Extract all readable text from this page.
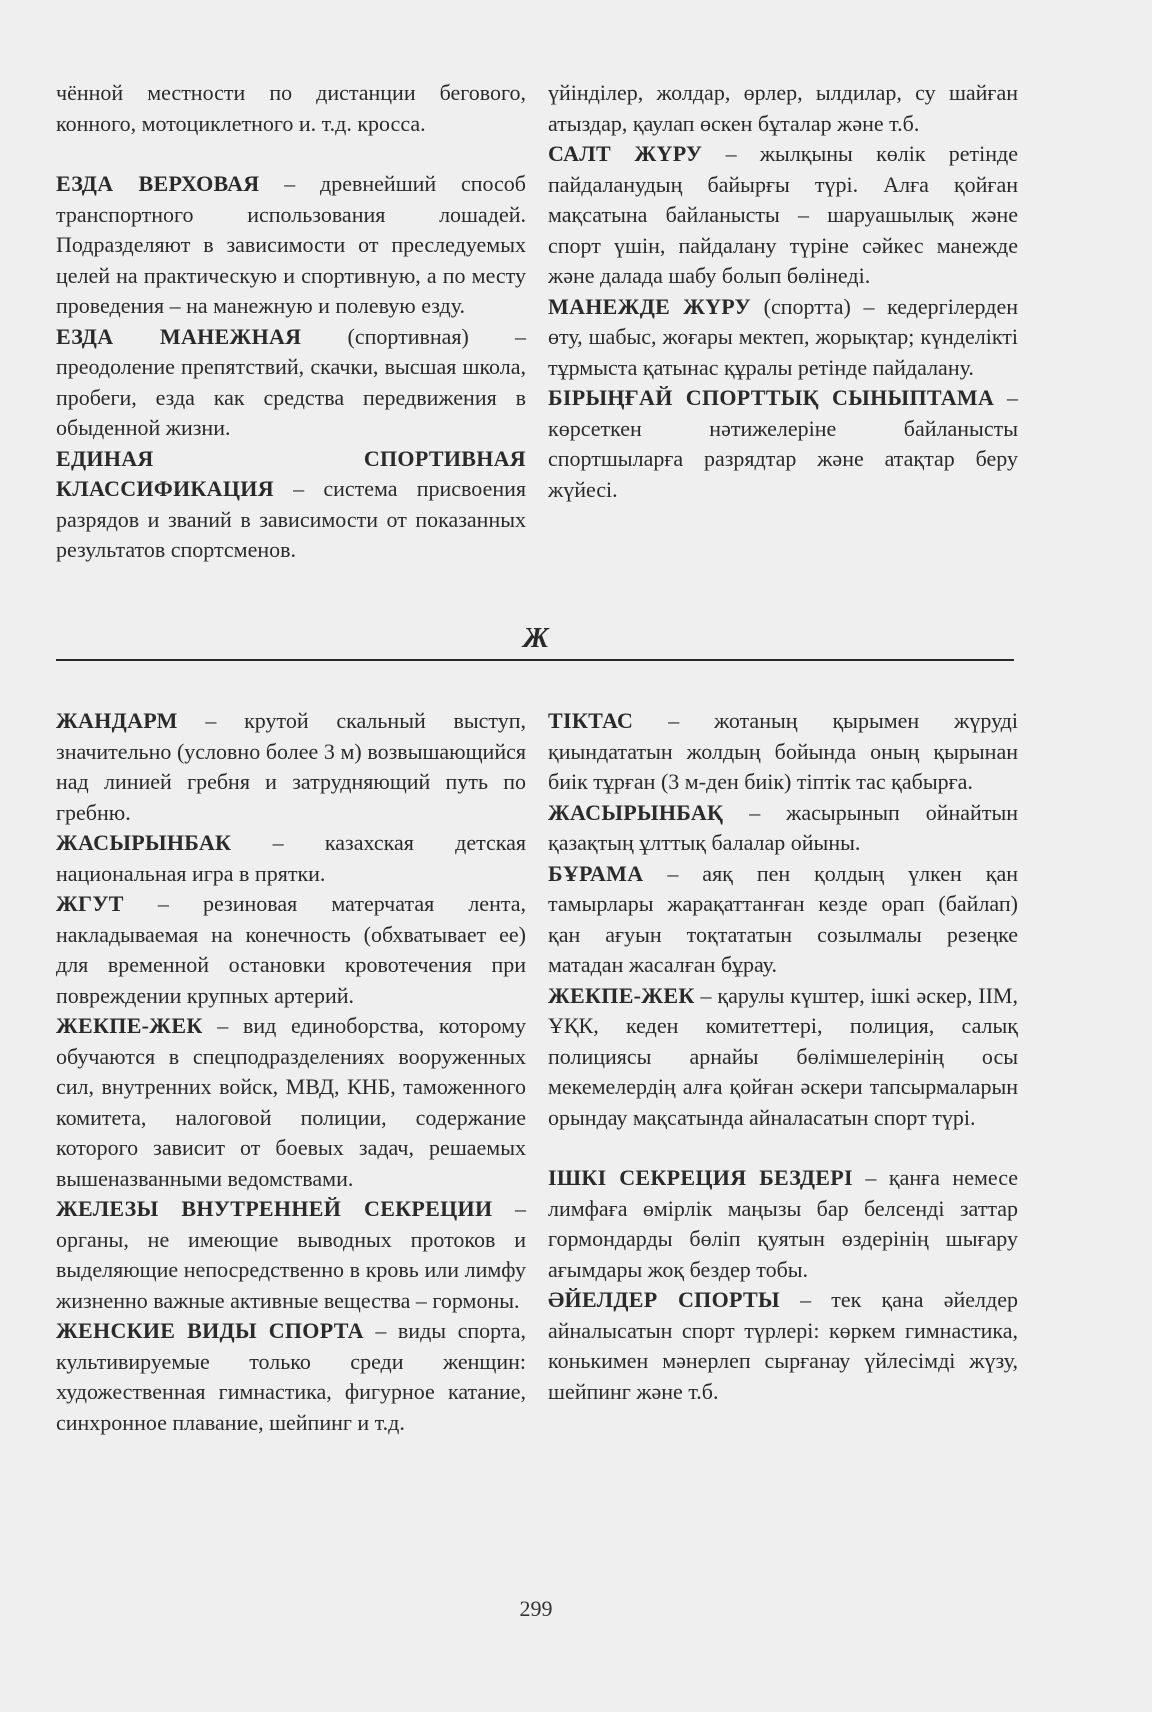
чённой местности по дистанции бегового, конного, мотоциклетного и. т.д. кросса.

ЕЗДА ВЕРХОВАЯ – древнейший способ транспортного использования лошадей. Подразделяют в зависимости от преследуемых целей на практическую и спортивную, а по месту проведения – на манежную и полевую езду.

ЕЗДА МАНЕЖНАЯ (спортивная) – преодоление препятствий, скачки, высшая школа, пробеги, езда как средства передвижения в обыденной жизни.

ЕДИНАЯ СПОРТИВНАЯ КЛАССИФИКАЦИЯ – система присвоения разрядов и званий в зависимости от показанных результатов спортсменов.

үйінділер, жолдар, өрлер, ылдилар, су шайған атыздар, қаулап өскен бұталар және т.б.

САЛТ ЖҮРУ – жылқыны көлік ретінде пайдаланудың байырғы түрі. Алға қойған мақсатына байланысты – шаруашылық және спорт үшін, пайдалану түріне сәйкес манежде және далада шабу болып бөлінеді.

МАНЕЖДЕ ЖҮРУ (спортта) – кедергілерден өту, шабыс, жоғары мектеп, жорықтар; күнделікті тұрмыста қатынас құралы ретінде пайдалану.

БІРЫҢҒАЙ СПОРТТЫҚ СЫНЫПТАМА – көрсеткен нәтижелеріне байланысты спортшыларға разрядтар және атақтар беру жүйесі.

Ж

ЖАНДАРМ – крутой скальный выступ, значительно (условно более 3 м) возвышающийся над линией гребня и затрудняющий путь по гребню.

ЖАСЫРЫНБАК – казахская детская национальная игра в прятки.

ЖГУТ – резиновая матерчатая лента, накладываемая на конечность (обхватывает ее) для временной остановки кровотечения при повреждении крупных артерий.

ЖЕКПЕ-ЖЕК – вид единоборства, которому обучаются в спецподразделениях вооруженных сил, внутренних войск, МВД, КНБ, таможенного комитета, налоговой полиции, содержание которого зависит от боевых задач, решаемых вышеназванными ведомствами.

ЖЕЛЕЗЫ ВНУТРЕННЕЙ СЕКРЕЦИИ – органы, не имеющие выводных протоков и выделяющие непосредственно в кровь или лимфу жизненно важные активные вещества – гормоны.

ЖЕНСКИЕ ВИДЫ СПОРТА – виды спорта, культивируемые только среди женщин: художественная гимнастика, фигурное катание, синхронное плавание, шейпинг и т.д.

ТІКТАС – жотаның қырымен жүруді қиындататын жолдың бойында оның қырынан биік тұрған (3 м-ден биік) тіптік тас қабырға.

ЖАСЫРЫНБАҚ – жасырынып ойнайтын қазақтың ұлттық балалар ойыны.

БҰРАМА – аяқ пен қолдың үлкен қан тамырлары жарақаттанған кезде орап (байлап) қан ағуын тоқтататын созылмалы резеңке матадан жасалған бұрау.

ЖЕКПЕ-ЖЕК – қарулы күштер, ішкі әскер, ІІМ, ҰҚК, кеден комитеттері, полиция, салық полициясы арнайы бөлімшелерінің осы мекемелердің алға қойған әскери тапсырмаларын орындау мақсатында айналасатын спорт түрі.

ІШКІ СЕКРЕЦИЯ БЕЗДЕРІ – қанға немесе лимфаға өмірлік маңызы бар белсенді заттар гормондарды бөліп қуятын өздерінің шығару ағымдары жоқ бездер тобы.

ӘЙЕЛДЕР СПОРТЫ – тек қана әйелдер айналысатын спорт түрлері: көркем гимнастика, конькимен мәнерлеп сырғанау үйлесімді жүзу, шейпинг және т.б.

299
